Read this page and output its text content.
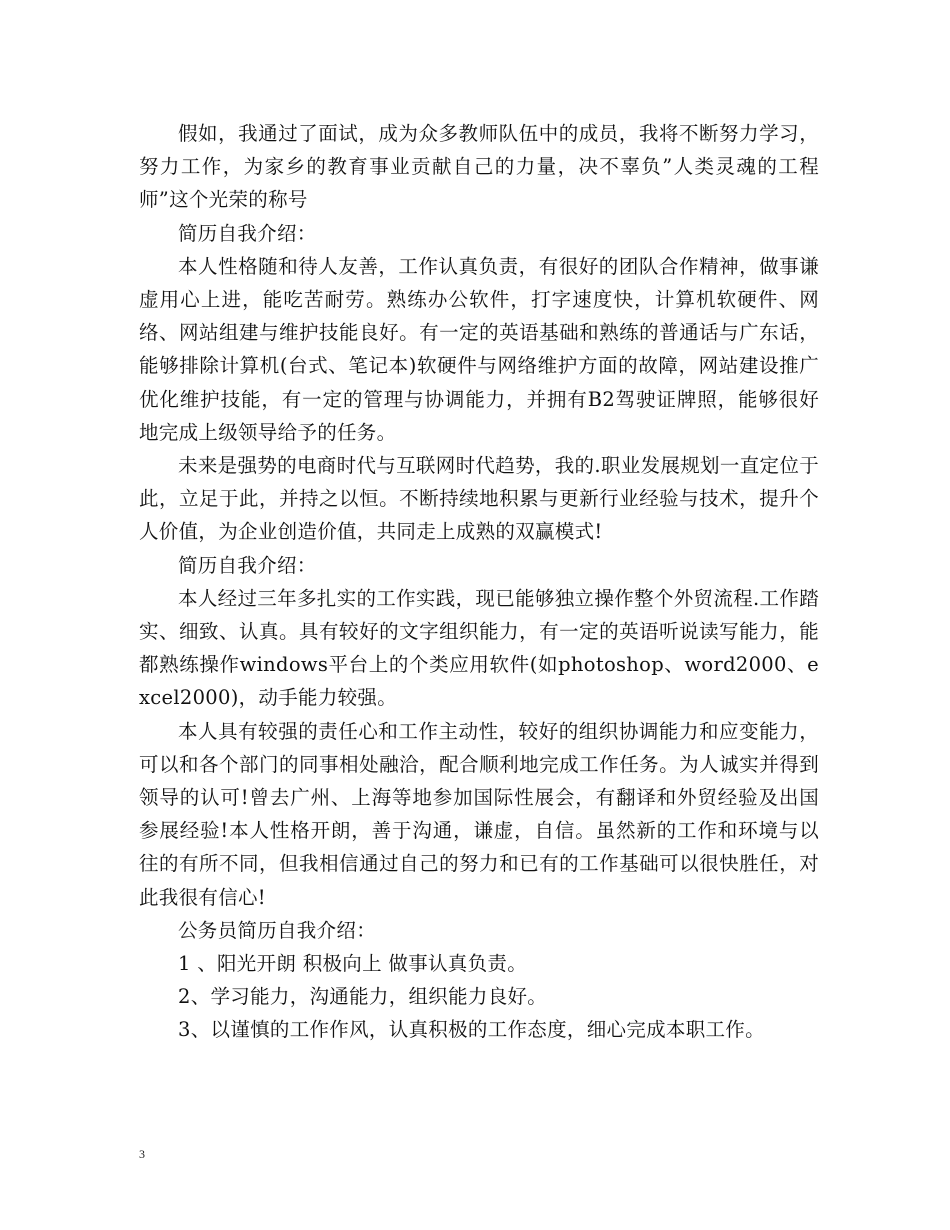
假如，我通过了面试，成为众多教师队伍中的成员，我将不断努力学习，努力工作，为家乡的教育事业贡献自己的力量，决不辜负”人类灵魂的工程师”这个光荣的称号

简历自我介绍：

本人性格随和待人友善，工作认真负责，有很好的团队合作精神，做事谦虚用心上进，能吃苦耐劳。熟练办公软件，打字速度快，计算机软硬件、网络、网站组建与维护技能良好。有一定的英语基础和熟练的普通话与广东话，能够排除计算机(台式、笔记本)软硬件与网络维护方面的故障，网站建设推广优化维护技能，有一定的管理与协调能力，并拥有B2驾驶证牌照，能够很好地完成上级领导给予的任务。

未来是强势的电商时代与互联网时代趋势，我的.职业发展规划一直定位于此，立足于此，并持之以恒。不断持续地积累与更新行业经验与技术，提升个人价值，为企业创造价值，共同走上成熟的双赢模式!

简历自我介绍：

本人经过三年多扎实的工作实践，现已能够独立操作整个外贸流程.工作踏实、细致、认真。具有较好的文字组织能力，有一定的英语听说读写能力，能都熟练操作windows平台上的个类应用软件(如photoshop、word2000、excel2000)，动手能力较强。

本人具有较强的责任心和工作主动性，较好的组织协调能力和应变能力，可以和各个部门的同事相处融洽，配合顺利地完成工作任务。为人诚实并得到领导的认可!曾去广州、上海等地参加国际性展会，有翻译和外贸经验及出国参展经验!本人性格开朗，善于沟通，谦虚，自信。虽然新的工作和环境与以往的有所不同，但我相信通过自己的努力和已有的工作基础可以很快胜任，对此我很有信心!

公务员简历自我介绍：

1 、阳光开朗 积极向上 做事认真负责。

2、学习能力，沟通能力，组织能力良好。

3、以谨慎的工作作风，认真积极的工作态度，细心完成本职工作。

3
